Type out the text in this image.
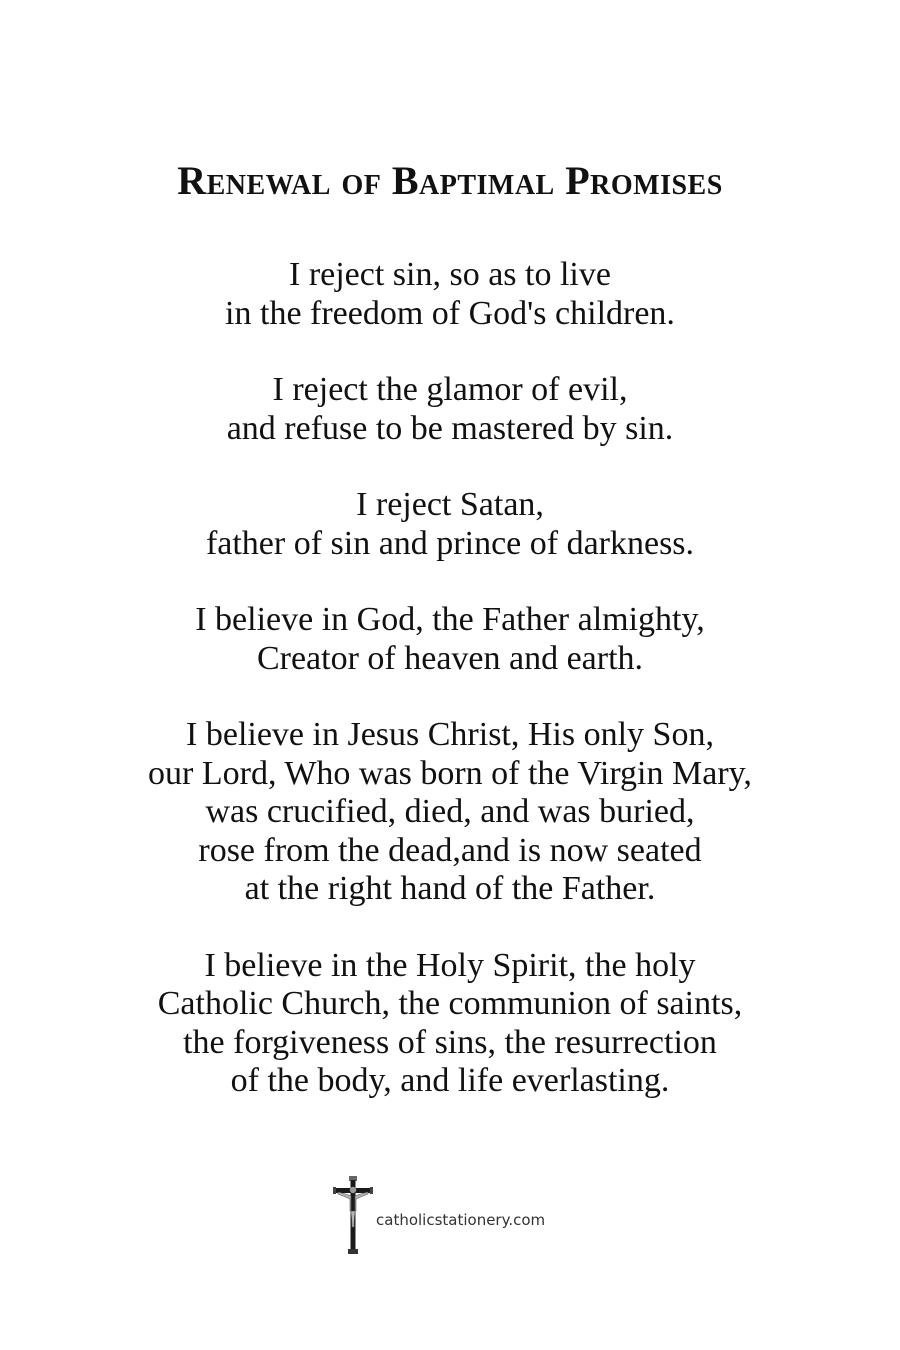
Renewal of Baptimal Promises
I reject sin, so as to live
in the freedom of God's children.
I reject the glamor of evil,
and refuse to be mastered by sin.
I reject Satan,
father of sin and prince of darkness.
I believe in God, the Father almighty,
Creator of heaven and earth.
I believe in Jesus Christ, His only Son,
our Lord, Who was born of the Virgin Mary,
was crucified, died, and was buried,
rose from the dead,and is now seated
at the right hand of the Father.
I believe in the Holy Spirit, the holy
Catholic Church, the communion of saints,
the forgiveness of sins, the resurrection
of the body, and life everlasting.
catholicstationery.com
